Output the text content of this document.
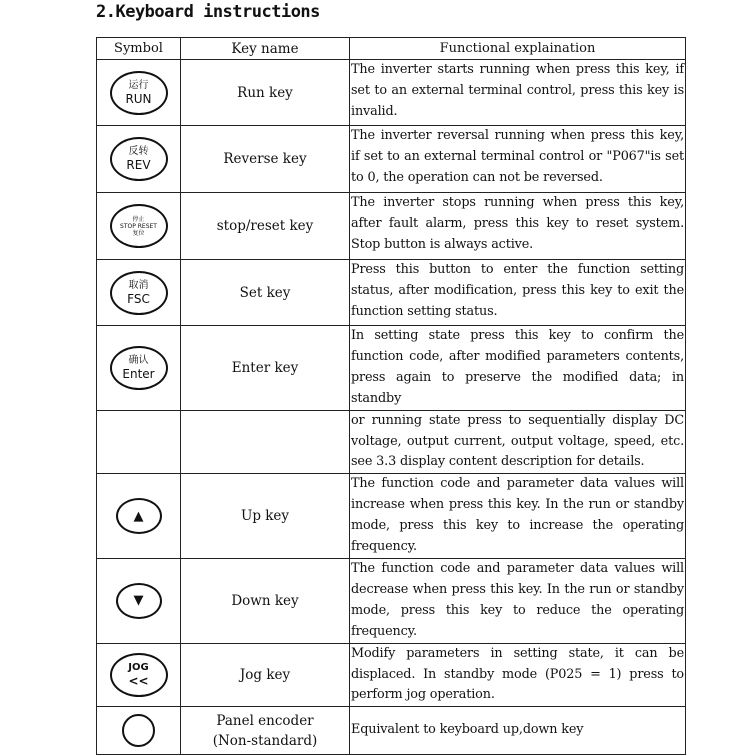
2.Keyboard instructions
Symbol	Key name	Functional explaination

运行
RUN	Run key	The inverter starts running when press this key, if set to an external terminal control, press this key is invalid.

反转
REV	Reverse key	The inverter reversal running when press this key, if set to an external terminal control or "P067"is set to 0, the operation can not be reversed.

停止
STOP RESET
复位	stop/reset key	The inverter stops running when press this key, after fault alarm, press this key to reset system. Stop button is always active.

取消
FSC	Set key	Press this button to enter the function setting status, after modification, press this key to exit the function setting status.

确认
Enter	Enter key	In setting state press this key to confirm the function code, after modified parameters contents, press again to preserve the modified data; in standby
		or running state press to sequentially display DC voltage, output current, output voltage, speed, etc. see 3.3 display content description for details.

▲	Up key	The function code and parameter data values will increase when press this key. In the run or standby mode, press this key to increase the operating frequency.

▼	Down key	The function code and parameter data values will decrease when press this key. In the run or standby mode, press this key to reduce the operating frequency.

JOG
<<	Jog key	Modify parameters in setting state, it can be displaced. In standby mode (P025 = 1) press to perform jog operation.

	Panel encoder
(Non-standard)	Equivalent to keyboard up,down key
